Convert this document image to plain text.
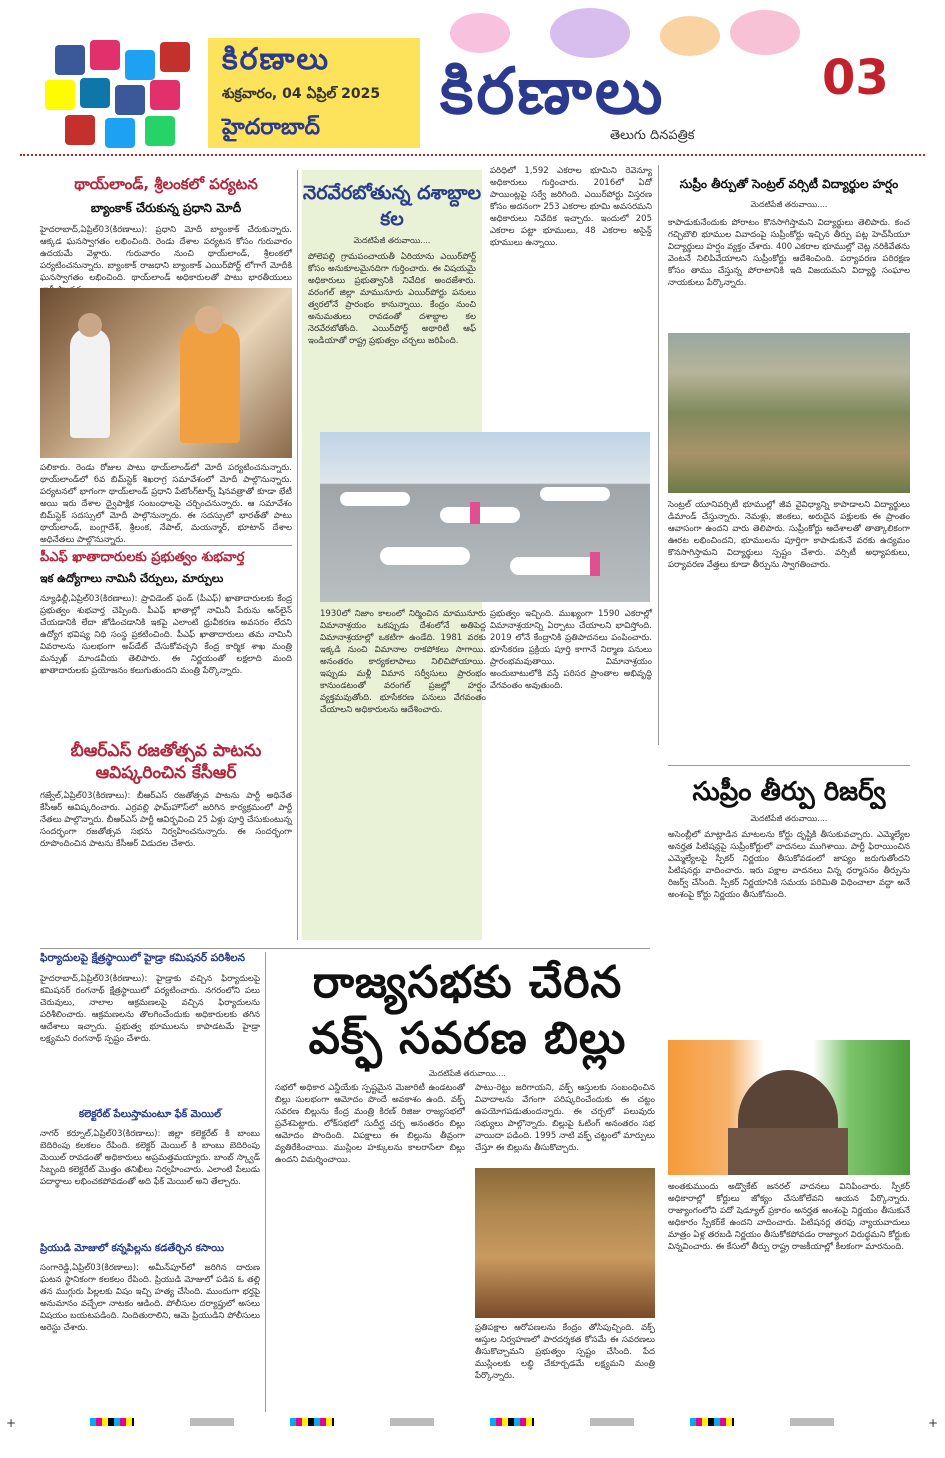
కిరణాలు
శుక్రవారం, 04 ఏప్రిల్ 2025
హైదరాబాద్ కిరణాలు
తెలుగు దినపత్రిక
03
థాయ్‌లాండ్, శ్రీలంకలో పర్యటన
బ్యాంకాక్ చేరుకున్న ప్రధాని మోదీ
హైదరాబాద్,ఏప్రిల్03(కిరణాలు): ప్రధాని మోదీ బ్యాంకాక్ చేరుకున్నారు. ఆక్కడ ఘనస్వాగతం లభించింది. రెండు దేశాల పర్యటన కోసం గురువారం ఉదయమే వెళ్లారు. గురువారం నుంచి థాయ్‌లాండ్, శ్రీలంకలో పర్యటించనున్నారు. బ్యాంకాక్ రాజధాని బ్యాంకాక్ ఎయిర్‌పోర్ట్ లోగాగే మోదీకి ఘనస్వాగతం లభించింది. థాయ్‌లాండ్ అధికారులతో పాటు భారతీయులు
పలికారు. రెండు రోజుల పాటు థాయ్‌లాండ్‌లో మోదీ పర్యటించనున్నారు. థాయ్‌లాండ్‌లో 6వ బిమ్‌స్టెక్ శిఖరాగ్ర సమావేశంలో మోదీ పాల్గొనున్నారు. పర్యటనలో భాగంగా థాయ్‌లాండ్ ప్రధాని పేటోంగ్‌టార్న్ షినవత్రాతో కూడా భేటీ అయి ఇరు దేశాల ద్వైపాక్షిక సంబంధాలపై చర్చించనున్నారు. ఆ సమావేశం బిమ్‌స్టెక్ సదస్సులో మోదీ పాల్గొనున్నారు. ఈ సదస్సులో భారత్‌తో పాటు థాయ్‌లాండ్, బంగ్లాదేశ్, శ్రీలంక, నేపాల్, మయన్మార్, భూటాన్ దేశాల అధినేతలు పాల్గొనున్నారు.
పీఎఫ్ ఖాతాదారులకు ప్రభుత్వం శుభవార్త
ఇక ఉద్యోగాలు నామినీ చేర్పులు, మార్పులు
న్యూఢిల్లీ,ఏప్రిల్03(కిరణాలు): ప్రావిడెంట్ ఫండ్ (పీఎఫ్) ఖాతాదారులకు కేంద్ర ప్రభుత్వం శుభవార్త చెప్పింది. పీఎఫ్ ఖాతాల్లో నామినీ పేరును ఆన్‌లైన్ చేయడానికి లేదా జోడించడానికి ఇకపై ఎలాంటి ధ్రువీకరణ అవసరం లేదని ఉద్యోగ భవిష్య నిధి సంస్థ ప్రకటించింది. పీఎఫ్ ఖాతాదారులు తమ నామినీ వివరాలను సులభంగా అప్‌డేట్ చేసుకోవచ్చని కేంద్ర కార్మిక శాఖ మంత్రి మన్సుఖ్ మాండవీయ తెలిపారు. ఈ నిర్ణయంతో లక్షలాది మంది ఖాతాదారులకు ప్రయోజనం కలుగుతుందని మంత్రి పేర్కొన్నారు.
బీఆర్ఎస్ రజతోత్సవ పాటను ఆవిష్కరించిన కేసీఆర్
గజ్వేల్,ఏప్రిల్03(కిరణాలు): బీఆర్ఎస్ రజతోత్సవ పాటను పార్టీ అధినేత కేసీఆర్ ఆవిష్కరించారు. ఎర్రవల్లి ఫామ్‌హౌస్‌లో జరిగిన కార్యక్రమంలో పార్టీ నేతలు పాల్గొన్నారు. బీఆర్ఎస్ పార్టీ ఆవిర్భవించి 25 ఏళ్లు పూర్తి చేసుకుంటున్న సందర్భంగా రజతోత్సవ సభను నిర్వహించనున్నారు. ఈ సందర్భంగా రూపొందించిన పాటను కేసీఆర్ విడుదల చేశారు.
నెరవేరబోతున్న దశాబ్దాల కల
మెదటిపేజీ తరువాయి....
పోలెపల్లి గ్రామపంచాయతీ ఏరియాను ఎయిర్‌పోర్ట్ కోసం అనుకూలమైనదిగా గుర్తించారు. ఈ విషయమై అధికారులు ప్రభుత్వానికి నివేదిక అందజేశారు. వరంగల్ జిల్లా మామునూరు ఎయిర్‌పోర్టు పనులు త్వరలోనే ప్రారంభం కానున్నాయి. కేంద్రం నుంచి అనుమతులు రావడంతో దశాబ్దాల కల నెరవేరబోతోంది. ఎయిర్‌పోర్ట్ అథారిటీ ఆఫ్ ఇండియాతో రాష్ట్ర ప్రభుత్వం చర్చలు జరిపింది.
1930లో నిజాం కాలంలో నిర్మించిన మామునూరు విమానాశ్రయం ఒకప్పుడు దేశంలోనే అతిపెద్ద విమానాశ్రయాల్లో ఒకటిగా ఉండేది. 1981 వరకు ఇక్కడి నుంచి విమానాల రాకపోకలు సాగాయి. అనంతరం కార్యకలాపాలు నిలిచిపోయాయి. ఇప్పుడు మళ్లీ విమాన సర్వీసులు ప్రారంభం కానుండటంతో వరంగల్ ప్రజల్లో హర్షం వ్యక్తమవుతోంది. భూసేకరణ పనులు వేగవంతం చేయాలని అధికారులను ఆదేశించారు.
పరిధిలో 1,592 ఎకరాల భూమిని రెవెన్యూ అధికారులు గుర్తించారు. 2016లో ఏదో పాయింట్లపై సర్వే జరిగింది. ఎయిర్‌పోర్టు విస్తరణ కోసం అదనంగా 253 ఎకరాల భూమి అవసరమని అధికారులు నివేదిక ఇచ్చారు. ఇందులో 205 ఎకరాల పట్టా భూములు, 48 ఎకరాల అసైన్డ్ భూములు ఉన్నాయి.
ప్రభుత్వం ఇచ్చింది. ముఖ్యంగా 1590 ఎకరాల్లో విమానాశ్రయాన్ని ఏర్పాటు చేయాలని భావిస్తోంది. 2019 లోనే కేంద్రానికి ప్రతిపాదనలు పంపించారు. భూసేకరణ ప్రక్రియ పూర్తి కాగానే నిర్మాణ పనులు ప్రారంభమవుతాయి. విమానాశ్రయం అందుబాటులోకి వస్తే పరిసర ప్రాంతాల అభివృద్ధి వేగవంతం అవుతుంది.
సుప్రీం తీర్పుతో సెంట్రల్ వర్సిటీ విద్యార్థుల హర్షం
మెదటిపేజీ తరువాయి....
కాపాడుకునేందుకు పోరాటం కొనసాగిస్తామని విద్యార్థులు తెలిపారు. కంచ గచ్చిబౌలి భూముల వివాదంపై సుప్రీంకోర్టు ఇచ్చిన తీర్పు పట్ల హెచ్‌సీయూ విద్యార్థులు హర్షం వ్యక్తం చేశారు. 400 ఎకరాల భూముల్లో చెట్ల నరికివేతను వెంటనే నిలిపివేయాలని సుప్రీంకోర్టు ఆదేశించింది. పర్యావరణ పరిరక్షణ కోసం తాము చేస్తున్న పోరాటానికి ఇది విజయమని విద్యార్థి సంఘాల నాయకులు పేర్కొన్నారు.
సెంట్రల్ యూనివర్సిటీ భూముల్లో జీవ వైవిధ్యాన్ని కాపాడాలని విద్యార్థులు డిమాండ్ చేస్తున్నారు. నెమళ్లు, జింకలు, అరుదైన పక్షులకు ఈ ప్రాంతం ఆవాసంగా ఉందని వారు తెలిపారు. సుప్రీంకోర్టు ఆదేశాలతో తాత్కాలికంగా ఊరట లభించిందని, భూములను పూర్తిగా కాపాడుకునే వరకు ఉద్యమం కొనసాగిస్తామని విద్యార్థులు స్పష్టం చేశారు. వర్సిటీ అధ్యాపకులు, పర్యావరణ వేత్తలు కూడా తీర్పును స్వాగతించారు.
సుప్రీం తీర్పు రిజర్వ్
మెదటిపేజీ తరువాయి....
అసెంబ్లీలో మాట్లాడిన మాటలను కోర్టు దృష్టికి తీసుకువచ్చారు. ఎమ్మెల్యేల అనర్హత పిటిషన్లపై సుప్రీంకోర్టులో వాదనలు ముగిశాయి. పార్టీ ఫిరాయించిన ఎమ్మెల్యేలపై స్పీకర్ నిర్ణయం తీసుకోవడంలో జాప్యం జరుగుతోందని పిటిషనర్లు వాదించారు. ఇరు పక్షాల వాదనలు విన్న ధర్మాసనం తీర్పును రిజర్వ్ చేసింది. స్పీకర్ నిర్ణయానికి సమయ పరిమితి విధించాలా వద్దా అనే అంశంపై కోర్టు నిర్ణయం తీసుకోనుంది.
అంతకుముందు అడ్వొకేట్ జనరల్ వాదనలు వినిపించారు. స్పీకర్ అధికారాల్లో కోర్టులు జోక్యం చేసుకోలేవని ఆయన పేర్కొన్నారు. రాజ్యాంగంలోని పదో షెడ్యూల్ ప్రకారం అనర్హత అంశంపై నిర్ణయం తీసుకునే అధికారం స్పీకర్‌కే ఉందని వాదించారు. పిటిషనర్ల తరఫు న్యాయవాదులు మాత్రం ఏళ్ల తరబడి నిర్ణయం తీసుకోకపోవడం రాజ్యాంగ విరుద్ధమని కోర్టుకు విన్నవించారు. ఈ కేసులో తీర్పు రాష్ట్ర రాజకీయాల్లో కీలకంగా మారనుంది.
ఫిర్యాదులపై క్షేత్రస్థాయిలో హైడ్రా కమిషనర్ పరిశీలన
హైదరాబాద్,ఏప్రిల్03(కిరణాలు): హైడ్రాకు వచ్చిన ఫిర్యాదులపై కమిషనర్ రంగనాథ్ క్షేత్రస్థాయిలో పర్యటించారు. నగరంలోని పలు చెరువులు, నాలాల ఆక్రమణలపై వచ్చిన ఫిర్యాదులను పరిశీలించారు. ఆక్రమణలను తొలగించేందుకు అధికారులకు తగిన ఆదేశాలు ఇచ్చారు. ప్రభుత్వ భూములను కాపాడటమే హైడ్రా లక్ష్యమని రంగనాథ్ స్పష్టం చేశారు.
కలెక్టరేట్ పేలుస్తామంటూ ఫేక్ మెయిల్
నాగర్ కర్నూల్,ఏప్రిల్03(కిరణాలు): జిల్లా కలెక్టరేట్ కి బాంబు బెదిరింపు కలకలం రేపింది. కలెక్టర్ మెయిల్ కి బాంబు బెదిరింపు మెయిల్ రావడంతో అధికారులు అప్రమత్తమయ్యారు. బాంబ్ స్క్వాడ్ సిబ్బంది కలెక్టరేట్ మొత్తం తనిఖీలు నిర్వహించారు. ఎలాంటి పేలుడు పదార్థాలు లభించకపోవడంతో అది ఫేక్ మెయిల్ అని తేల్చారు.
ప్రియుడి మోజులో కన్నపిల్లను కడతేర్చిన కసాయి
సంగారెడ్డి,ఏప్రిల్03(కిరణాలు): అమీన్‌పూర్‌లో జరిగిన దారుణ ఘటన స్థానికంగా కలకలం రేపింది. ప్రియుడి మోజులో పడిన ఓ తల్లి తన ముగ్గురు పిల్లలకు విషం ఇచ్చి హత్య చేసింది. ముందుగా భర్తపై అనుమానం వచ్చేలా నాటకం ఆడింది. పోలీసుల దర్యాప్తులో అసలు విషయం బయటపడింది. నిందితురాలిని, ఆమె ప్రియుడిని పోలీసులు అరెస్టు చేశారు.
రాజ్యసభకు చేరిన వక్ఫ్ సవరణ బిల్లు
మెదటిపేజీ తరువాయి....
సభలో అధికార ఎన్డీయేకు స్పష్టమైన మెజారిటీ ఉండటంతో బిల్లు సులభంగా ఆమోదం పొందే అవకాశం ఉంది. వక్ఫ్ సవరణ బిల్లును కేంద్ర మంత్రి కిరణ్ రిజిజు రాజ్యసభలో ప్రవేశపెట్టారు. లోక్‌సభలో సుదీర్ఘ చర్చ అనంతరం బిల్లు ఆమోదం పొందింది. విపక్షాలు ఈ బిల్లును తీవ్రంగా వ్యతిరేకించాయి. ముస్లింల హక్కులను కాలరాసేలా బిల్లు ఉందని విమర్శించాయి.
పాటు-రెట్టు జరిగాయని, వక్ఫ్ ఆస్తులకు సంబంధించిన వివాదాలను వేగంగా పరిష్కరించేందుకు ఈ చట్టం ఉపయోగపడుతుందన్నారు. ఈ చర్చలో పలువురు సభ్యులు పాల్గొన్నారు. బిల్లుపై ఓటింగ్ అనంతరం సభ వాయిదా పడింది. 1995 నాటి వక్ఫ్ చట్టంలో మార్పులు చేస్తూ ఈ బిల్లును తీసుకొచ్చారు.
ప్రతిపక్షాల ఆరోపణలను కేంద్రం తోసిపుచ్చింది. వక్ఫ్ ఆస్తుల నిర్వహణలో పారదర్శకత కోసమే ఈ సవరణలు తీసుకొచ్చామని ప్రభుత్వం స్పష్టం చేసింది. పేద ముస్లింలకు లబ్ధి చేకూర్చడమే లక్ష్యమని మంత్రి పేర్కొన్నారు.
+	+
